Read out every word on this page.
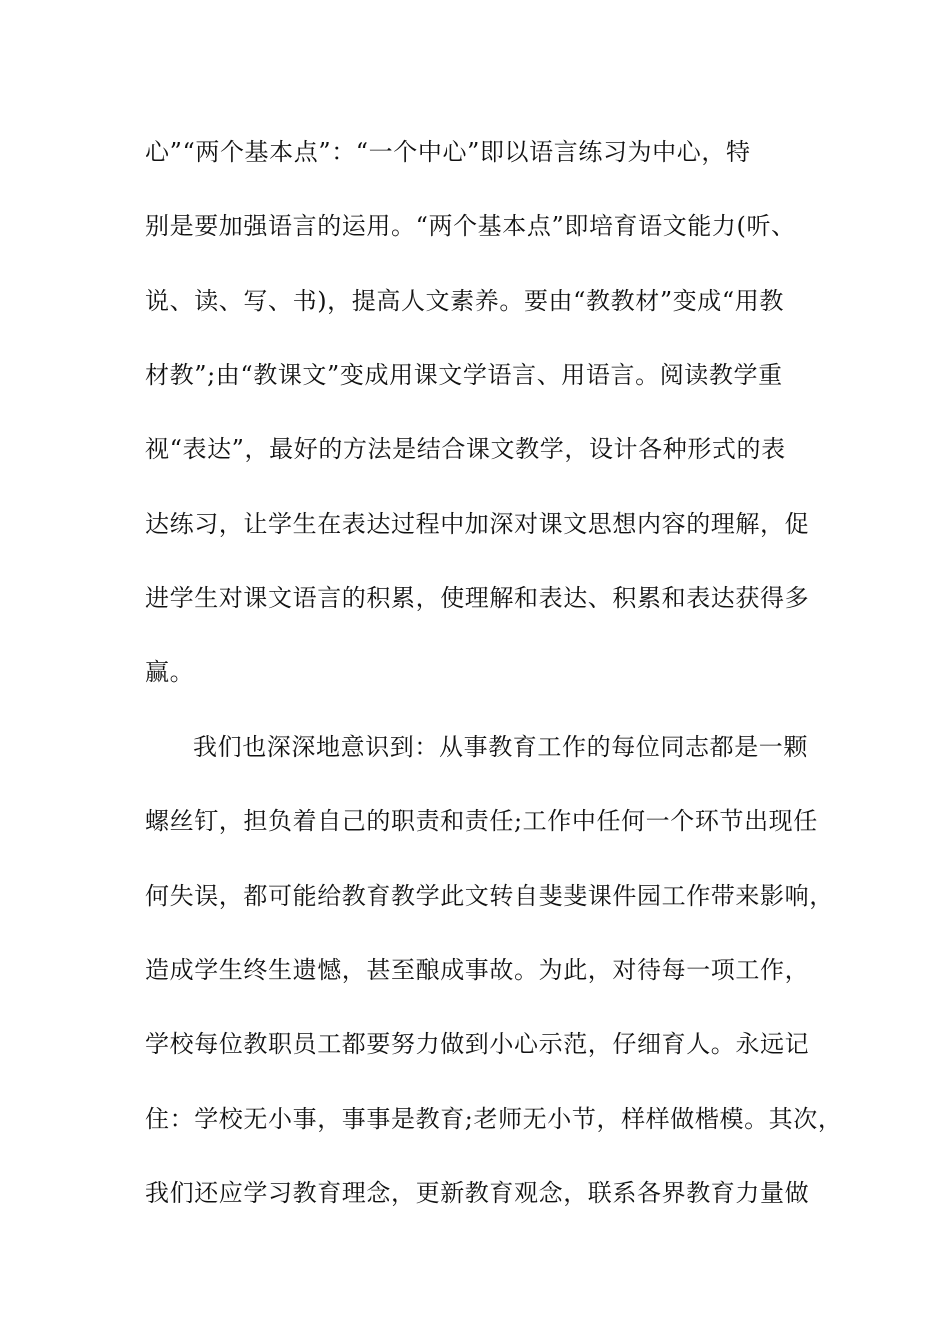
心”“两个基本点”：“一个中心”即以语言练习为中心，特
别是要加强语言的运用。“两个基本点”即培育语文能力(听、
说、读、写、书)，提高人文素养。要由“教教材”变成“用教
材教”;由“教课文”变成用课文学语言、用语言。阅读教学重
视“表达”，最好的方法是结合课文教学，设计各种形式的表
达练习，让学生在表达过程中加深对课文思想内容的理解，促
进学生对课文语言的积累，使理解和表达、积累和表达获得多
赢。
我们也深深地意识到：从事教育工作的每位同志都是一颗
螺丝钉，担负着自己的职责和责任;工作中任何一个环节出现任
何失误，都可能给教育教学此文转自斐斐课件园工作带来影响，
造成学生终生遗憾，甚至酿成事故。为此，对待每一项工作，
学校每位教职员工都要努力做到小心示范，仔细育人。永远记
住：学校无小事，事事是教育;老师无小节，样样做楷模。其次，
我们还应学习教育理念，更新教育观念，联系各界教育力量做
